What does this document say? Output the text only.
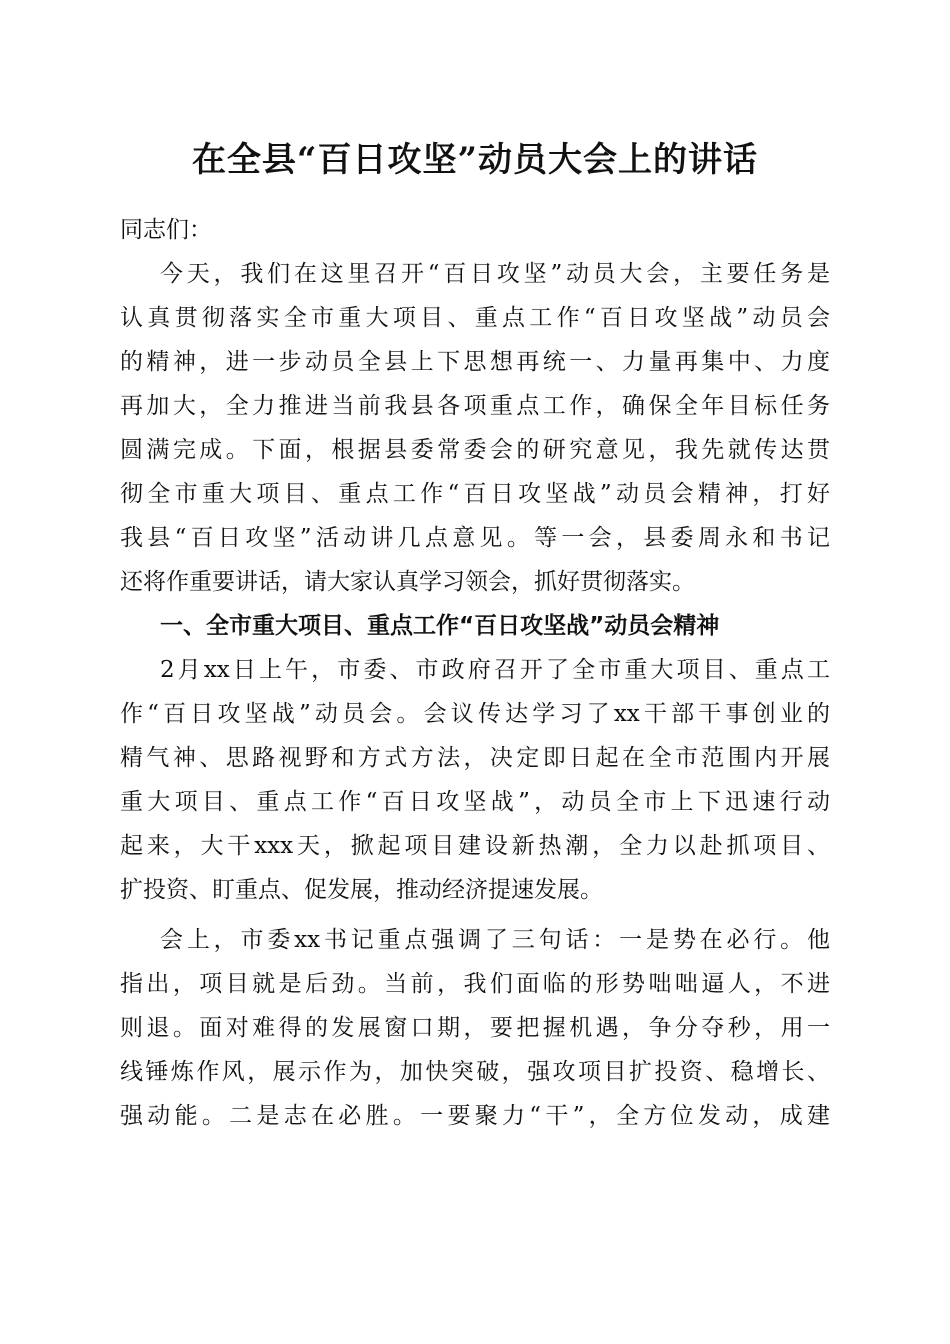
在全县“百日攻坚”动员大会上的讲话
同志们：
今天，我们在这里召开“百日攻坚”动员大会，主要任务是
认真贯彻落实全市重大项目、重点工作“百日攻坚战”动员会
的精神，进一步动员全县上下思想再统一、力量再集中、力度
再加大，全力推进当前我县各项重点工作，确保全年目标任务
圆满完成。下面，根据县委常委会的研究意见，我先就传达贯
彻全市重大项目、重点工作“百日攻坚战”动员会精神，打好
我县“百日攻坚”活动讲几点意见。等一会，县委周永和书记
还将作重要讲话，请大家认真学习领会，抓好贯彻落实。
一、全市重大项目、重点工作“百日攻坚战”动员会精神
2月xx日上午，市委、市政府召开了全市重大项目、重点工
作“百日攻坚战”动员会。会议传达学习了xx干部干事创业的
精气神、思路视野和方式方法，决定即日起在全市范围内开展
重大项目、重点工作“百日攻坚战”，动员全市上下迅速行动
起来，大干xxx天，掀起项目建设新热潮，全力以赴抓项目、
扩投资、盯重点、促发展，推动经济提速发展。
会上，市委xx书记重点强调了三句话：一是势在必行。他
指出，项目就是后劲。当前，我们面临的形势咄咄逼人，不进
则退。面对难得的发展窗口期，要把握机遇，争分夺秒，用一
线锤炼作风，展示作为，加快突破，强攻项目扩投资、稳增长、
强动能。二是志在必胜。一要聚力“干”，全方位发动，成建
